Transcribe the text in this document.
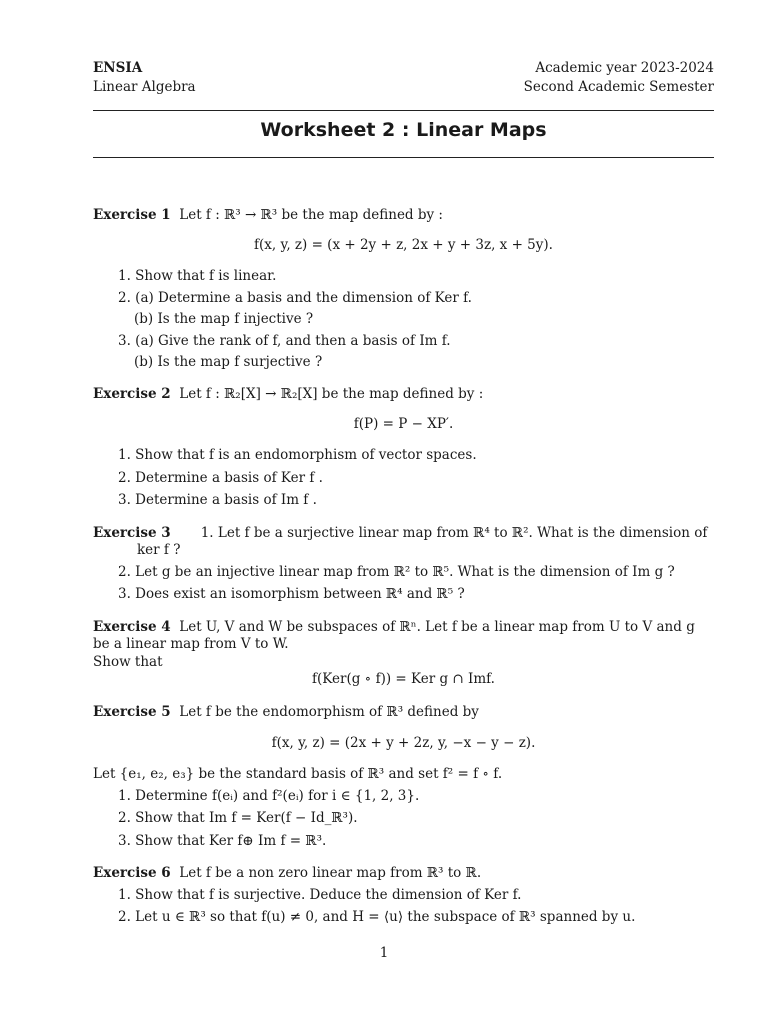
ENSIA
Linear Algebra
Academic year 2023-2024
Second Academic Semester
Worksheet 2 : Linear Maps
Exercise 1 Let f : ℝ³ → ℝ³ be the map defined by :
f(x, y, z) = (x + 2y + z, 2x + y + 3z, x + 5y).
1. Show that f is linear.
2. (a) Determine a basis and the dimension of Ker f.
(b) Is the map f injective ?
3. (a) Give the rank of f, and then a basis of Im f.
(b) Is the map f surjective ?
Exercise 2 Let f : ℝ₂[X] → ℝ₂[X] be the map defined by :
f(P) = P − XP′.
1. Show that f is an endomorphism of vector spaces.
2. Determine a basis of Ker f .
3. Determine a basis of Im f .
Exercise 3 1. Let f be a surjective linear map from ℝ⁴ to ℝ². What is the dimension of
ker f ?
2. Let g be an injective linear map from ℝ² to ℝ⁵. What is the dimension of Im g ?
3. Does exist an isomorphism between ℝ⁴ and ℝ⁵ ?
Exercise 4 Let U, V and W be subspaces of ℝⁿ. Let f be a linear map from U to V and g
be a linear map from V to W.
Show that
f(Ker(g ∘ f)) = Ker g ∩ Imf.
Exercise 5 Let f be the endomorphism of ℝ³ defined by
f(x, y, z) = (2x + y + 2z, y, −x − y − z).
Let {e₁, e₂, e₃} be the standard basis of ℝ³ and set f² = f ∘ f.
1. Determine f(eᵢ) and f²(eᵢ) for i ∈ {1, 2, 3}.
2. Show that Im f = Ker(f − Id_ℝ³).
3. Show that Ker f⊕ Im f = ℝ³.
Exercise 6 Let f be a non zero linear map from ℝ³ to ℝ.
1. Show that f is surjective. Deduce the dimension of Ker f.
2. Let u ∈ ℝ³ so that f(u) ≠ 0, and H = ⟨u⟩ the subspace of ℝ³ spanned by u.
1
